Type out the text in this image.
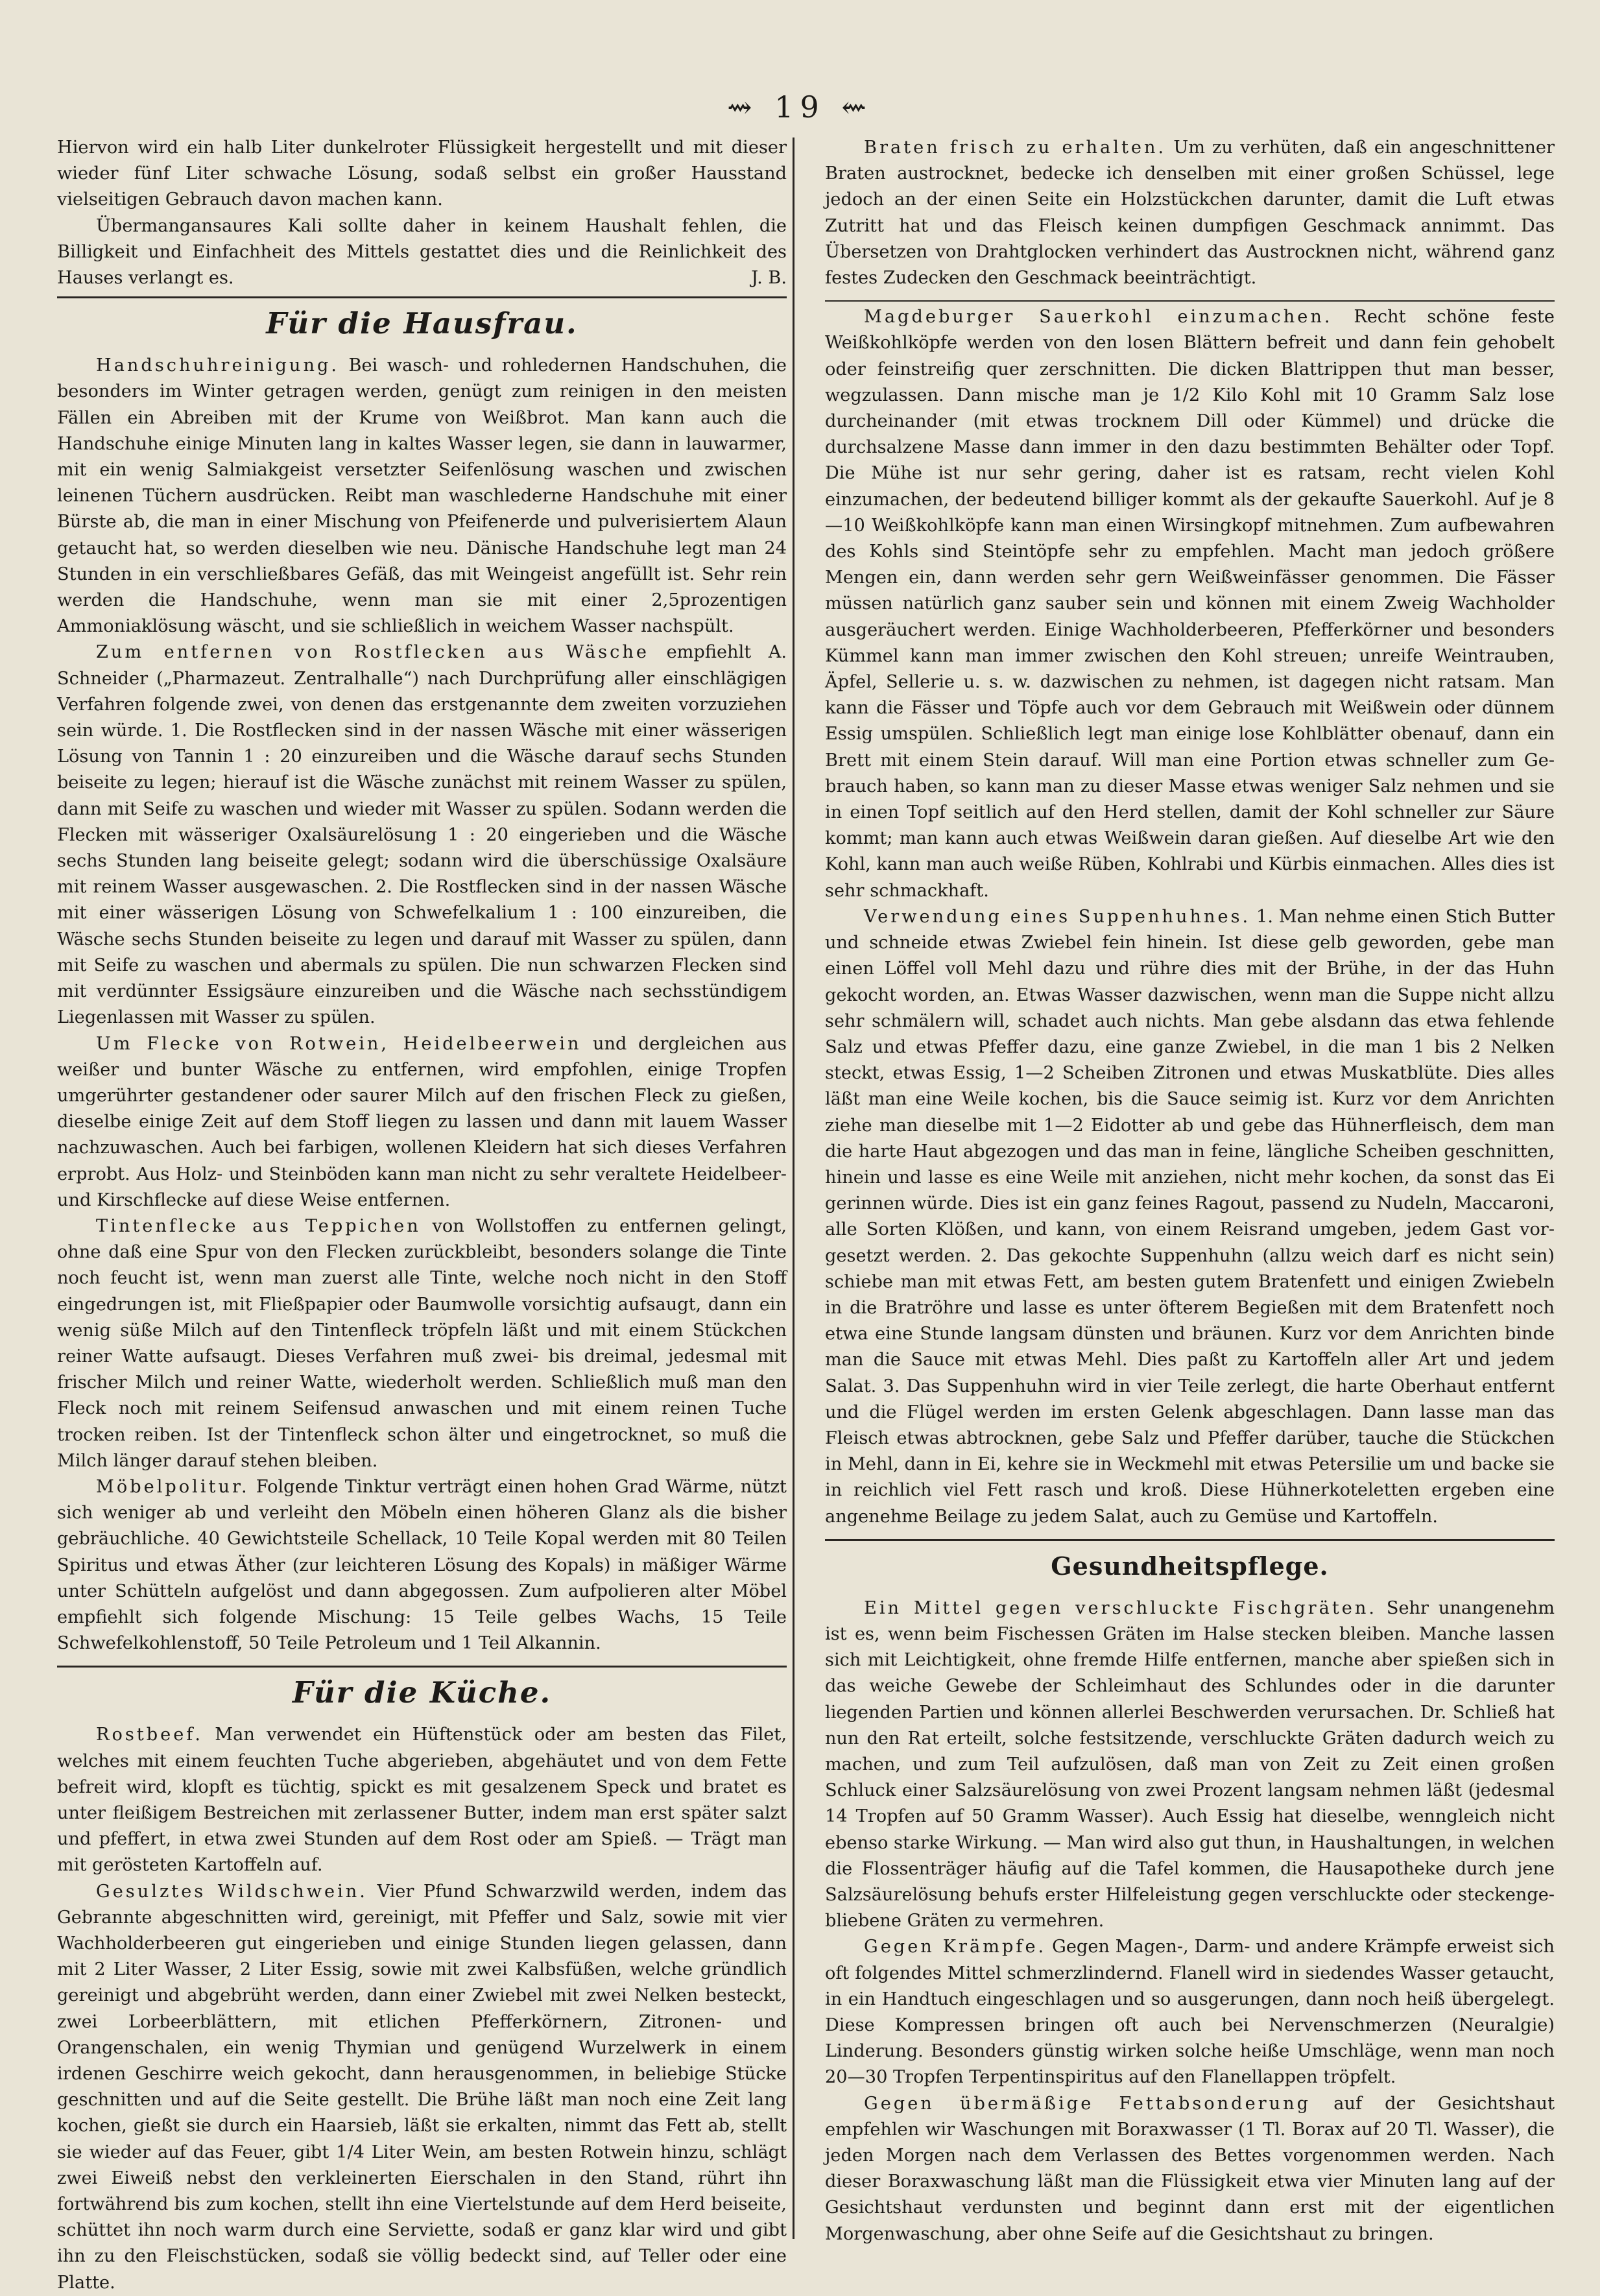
⇝ 19 ⇜

Hiervon wird ein halb Liter dunkelroter Flüssigkeit hergestellt und mit dieser wieder fünf Liter schwache Lösung, sodaß selbst ein großer Hausstand vielseitigen Gebrauch davon machen kann.

Übermangansaures Kali sollte daher in keinem Haushalt fehlen, die Billigkeit und Einfachheit des Mittels gestattet dies und die Reinlichkeit des Hauses verlangt es.	J. B.

Für die Hausfrau.

Handschuhreinigung. Bei wasch- und rohledernen Handschuhen, die besonders im Winter getragen werden, genügt zum reinigen in den meisten Fällen ein Abreiben mit der Krume von Weißbrot. Man kann auch die Handschuhe einige Minuten lang in kaltes Wasser legen, sie dann in lauwarmer, mit ein wenig Salmiakgeist versetzter Seifenlösung waschen und zwischen leinenen Tüchern ausdrücken. Reibt man waschlederne Handschuhe mit einer Bürste ab, die man in einer Mischung von Pfeifenerde und pulverisiertem Alaun getaucht hat, so werden dieselben wie neu. Dänische Handschuhe legt man 24 Stunden in ein verschließbares Gefäß, das mit Weingeist angefüllt ist. Sehr rein werden die Handschuhe, wenn man sie mit einer 2,5prozentigen Ammoniaklösung wäscht, und sie schließlich in weichem Wasser nachspült.

Zum entfernen von Rostflecken aus Wäsche empfiehlt A. Schneider („Pharmazeut. Zentralhalle“) nach Durchprüfung aller einschlägigen Verfahren folgende zwei, von denen das erstgenannte dem zweiten vorzuziehen sein würde. 1. Die Rostflecken sind in der nassen Wäsche mit einer wässerigen Lösung von Tannin 1 : 20 einzureiben und die Wäsche darauf sechs Stunden beiseite zu legen; hierauf ist die Wäsche zunächst mit reinem Wasser zu spülen, dann mit Seife zu waschen und wieder mit Wasser zu spülen. Sodann werden die Flecken mit wässeriger Oxalsäurelösung 1 : 20 eingerieben und die Wäsche sechs Stunden lang beiseite gelegt; sodann wird die überschüssige Oxalsäure mit reinem Wasser ausgewaschen. 2. Die Rostflecken sind in der nassen Wäsche mit einer wässerigen Lösung von Schwefelkalium 1 : 100 einzureiben, die Wäsche sechs Stunden beiseite zu legen und darauf mit Wasser zu spülen, dann mit Seife zu waschen und abermals zu spülen. Die nun schwarzen Flecken sind mit verdünnter Essigsäure einzureiben und die Wäsche nach sechsstündigem Liegenlassen mit Wasser zu spülen.

Um Flecke von Rotwein, Heidelbeerwein und dergleichen aus weißer und bunter Wäsche zu entfernen, wird empfohlen, einige Tropfen umgerührter gestandener oder saurer Milch auf den frischen Fleck zu gießen, dieselbe einige Zeit auf dem Stoff liegen zu lassen und dann mit lauem Wasser nachzuwaschen. Auch bei farbigen, wollenen Kleidern hat sich dieses Verfahren erprobt. Aus Holz- und Steinböden kann man nicht zu sehr veraltete Heidelbeer- und Kirschflecke auf diese Weise entfernen.

Tintenflecke aus Teppichen von Wollstoffen zu entfernen gelingt, ohne daß eine Spur von den Flecken zurückbleibt, besonders solange die Tinte noch feucht ist, wenn man zuerst alle Tinte, welche noch nicht in den Stoff eingedrungen ist, mit Fließpapier oder Baumwolle vorsichtig aufsaugt, dann ein wenig süße Milch auf den Tintenfleck tröpfeln läßt und mit einem Stückchen reiner Watte aufsaugt. Dieses Verfahren muß zwei- bis dreimal, jedesmal mit frischer Milch und reiner Watte, wiederholt werden. Schließlich muß man den Fleck noch mit reinem Seifensud anwaschen und mit einem reinen Tuche trocken reiben. Ist der Tintenfleck schon älter und eingetrocknet, so muß die Milch länger darauf stehen bleiben.

Möbelpolitur. Folgende Tinktur verträgt einen hohen Grad Wärme, nützt sich weniger ab und verleiht den Möbeln einen höheren Glanz als die bisher gebräuchliche. 40 Gewichtsteile Schellack, 10 Teile Kopal werden mit 80 Teilen Spiritus und etwas Äther (zur leichteren Lösung des Kopals) in mäßiger Wärme unter Schütteln aufgelöst und dann abgegossen. Zum aufpolieren alter Möbel empfiehlt sich folgende Mischung: 15 Teile gelbes Wachs, 15 Teile Schwefelkohlenstoff, 50 Teile Petroleum und 1 Teil Alkannin.

Für die Küche.

Rostbeef. Man verwendet ein Hüftenstück oder am besten das Filet, welches mit einem feuchten Tuche abgerieben, abgehäutet und von dem Fette befreit wird, klopft es tüchtig, spickt es mit gesalzenem Speck und bratet es unter fleißigem Bestreichen mit zerlassener Butter, indem man erst später salzt und pfeffert, in etwa zwei Stunden auf dem Rost oder am Spieß. — Trägt man mit gerösteten Kartoffeln auf.

Gesulztes Wildschwein. Vier Pfund Schwarzwild werden, indem das Gebrannte abgeschnitten wird, gereinigt, mit Pfeffer und Salz, sowie mit vier Wachholderbeeren gut eingerieben und einige Stunden liegen gelassen, dann mit 2 Liter Wasser, 2 Liter Essig, sowie mit zwei Kalbsfüßen, welche gründlich gereinigt und abgebrüht werden, dann einer Zwiebel mit zwei Nelken besteckt, zwei Lorbeerblättern, mit etlichen Pfefferkörnern, Zitronen- und Orangenschalen, ein wenig Thymian und genügend Wurzelwerk in einem irdenen Geschirre weich gekocht, dann herausgenommen, in beliebige Stücke geschnitten und auf die Seite gestellt. Die Brühe läßt man noch eine Zeit lang kochen, gießt sie durch ein Haarsieb, läßt sie erkalten, nimmt das Fett ab, stellt sie wieder auf das Feuer, gibt 1/4 Liter Wein, am besten Rotwein hinzu, schlägt zwei Eiweiß nebst den verkleinerten Eierschalen in den Stand, rührt ihn fortwährend bis zum kochen, stellt ihn eine Viertelstunde auf dem Herd beiseite, schüttet ihn noch warm durch eine Serviette, sodaß er ganz klar wird und gibt ihn zu den Fleischstücken, sodaß sie völlig bedeckt sind, auf Teller oder eine Platte.

Braten frisch zu erhalten. Um zu verhüten, daß ein angeschnittener Braten austrocknet, bedecke ich denselben mit einer großen Schüssel, lege jedoch an der einen Seite ein Holzstückchen darunter, damit die Luft etwas Zutritt hat und das Fleisch keinen dumpfigen Geschmack annimmt. Das Übersetzen von Drahtglocken verhindert das Austrocknen nicht, während ganz festes Zudecken den Geschmack beeinträchtigt.

Magdeburger Sauerkohl einzumachen. Recht schöne feste Weißkohlköpfe werden von den losen Blättern befreit und dann fein gehobelt oder feinstreifig quer zerschnitten. Die dicken Blattrippen thut man besser, wegzulassen. Dann mische man je 1/2 Kilo Kohl mit 10 Gramm Salz lose durcheinander (mit etwas trocknem Dill oder Kümmel) und drücke die durchsalzene Masse dann immer in den dazu bestimmten Behälter oder Topf. Die Mühe ist nur sehr gering, daher ist es ratsam, recht vielen Kohl einzumachen, der bedeutend billiger kommt als der gekaufte Sauerkohl. Auf je 8—10 Weißkohlköpfe kann man einen Wirsingkopf mitnehmen. Zum aufbewahren des Kohls sind Steintöpfe sehr zu empfehlen. Macht man jedoch größere Mengen ein, dann werden sehr gern Weißweinfässer genommen. Die Fässer müssen natürlich ganz sauber sein und können mit einem Zweig Wachholder ausgeräuchert werden. Einige Wachholderbeeren, Pfefferkörner und besonders Kümmel kann man immer zwischen den Kohl streuen; unreife Weintrauben, Äpfel, Sellerie u. s. w. dazwischen zu nehmen, ist dagegen nicht ratsam. Man kann die Fässer und Töpfe auch vor dem Gebrauch mit Weißwein oder dünnem Essig umspülen. Schließlich legt man einige lose Kohlblätter obenauf, dann ein Brett mit einem Stein darauf. Will man eine Portion etwas schneller zum Gebrauch haben, so kann man zu dieser Masse etwas weniger Salz nehmen und sie in einen Topf seitlich auf den Herd stellen, damit der Kohl schneller zur Säure kommt; man kann auch etwas Weißwein daran gießen. Auf dieselbe Art wie den Kohl, kann man auch weiße Rüben, Kohlrabi und Kürbis einmachen. Alles dies ist sehr schmackhaft.

Verwendung eines Suppenhuhnes. 1. Man nehme einen Stich Butter und schneide etwas Zwiebel fein hinein. Ist diese gelb geworden, gebe man einen Löffel voll Mehl dazu und rühre dies mit der Brühe, in der das Huhn gekocht worden, an. Etwas Wasser dazwischen, wenn man die Suppe nicht allzu sehr schmälern will, schadet auch nichts. Man gebe alsdann das etwa fehlende Salz und etwas Pfeffer dazu, eine ganze Zwiebel, in die man 1 bis 2 Nelken steckt, etwas Essig, 1—2 Scheiben Zitronen und etwas Muskatblüte. Dies alles läßt man eine Weile kochen, bis die Sauce seimig ist. Kurz vor dem Anrichten ziehe man dieselbe mit 1—2 Eidotter ab und gebe das Hühnerfleisch, dem man die harte Haut abgezogen und das man in feine, längliche Scheiben geschnitten, hinein und lasse es eine Weile mit anziehen, nicht mehr kochen, da sonst das Ei gerinnen würde. Dies ist ein ganz feines Ragout, passend zu Nudeln, Maccaroni, alle Sorten Klößen, und kann, von einem Reisrand umgeben, jedem Gast vorgesetzt werden. 2. Das gekochte Suppenhuhn (allzu weich darf es nicht sein) schiebe man mit etwas Fett, am besten gutem Bratenfett und einigen Zwiebeln in die Bratröhre und lasse es unter öfterem Begießen mit dem Bratenfett noch etwa eine Stunde langsam dünsten und bräunen. Kurz vor dem Anrichten binde man die Sauce mit etwas Mehl. Dies paßt zu Kartoffeln aller Art und jedem Salat. 3. Das Suppenhuhn wird in vier Teile zerlegt, die harte Oberhaut entfernt und die Flügel werden im ersten Gelenk abgeschlagen. Dann lasse man das Fleisch etwas abtrocknen, gebe Salz und Pfeffer darüber, tauche die Stückchen in Mehl, dann in Ei, kehre sie in Weckmehl mit etwas Petersilie um und backe sie in reichlich viel Fett rasch und kroß. Diese Hühnerkoteletten ergeben eine angenehme Beilage zu jedem Salat, auch zu Gemüse und Kartoffeln.

Gesundheitspflege.

Ein Mittel gegen verschluckte Fischgräten. Sehr unangenehm ist es, wenn beim Fischessen Gräten im Halse stecken bleiben. Manche lassen sich mit Leichtigkeit, ohne fremde Hilfe entfernen, manche aber spießen sich in das weiche Gewebe der Schleimhaut des Schlundes oder in die darunter liegenden Partien und können allerlei Beschwerden verursachen. Dr. Schließ hat nun den Rat erteilt, solche festsitzende, verschluckte Gräten dadurch weich zu machen, und zum Teil aufzulösen, daß man von Zeit zu Zeit einen großen Schluck einer Salzsäurelösung von zwei Prozent langsam nehmen läßt (jedesmal 14 Tropfen auf 50 Gramm Wasser). Auch Essig hat dieselbe, wenngleich nicht ebenso starke Wirkung. — Man wird also gut thun, in Haushaltungen, in welchen die Flossenträger häufig auf die Tafel kommen, die Hausapotheke durch jene Salzsäurelösung behufs erster Hilfeleistung gegen verschluckte oder steckengebliebene Gräten zu vermehren.

Gegen Krämpfe. Gegen Magen-, Darm- und andere Krämpfe erweist sich oft folgendes Mittel schmerzlindernd. Flanell wird in siedendes Wasser getaucht, in ein Handtuch eingeschlagen und so ausgerungen, dann noch heiß übergelegt. Diese Kompressen bringen oft auch bei Nervenschmerzen (Neuralgie) Linderung. Besonders günstig wirken solche heiße Umschläge, wenn man noch 20—30 Tropfen Terpentinspiritus auf den Flanellappen tröpfelt.

Gegen übermäßige Fettabsonderung auf der Gesichtshaut empfehlen wir Waschungen mit Boraxwasser (1 Tl. Borax auf 20 Tl. Wasser), die jeden Morgen nach dem Verlassen des Bettes vorgenommen werden. Nach dieser Boraxwaschung läßt man die Flüssigkeit etwa vier Minuten lang auf der Gesichtshaut verdunsten und beginnt dann erst mit der eigentlichen Morgenwaschung, aber ohne Seife auf die Gesichtshaut zu bringen.
